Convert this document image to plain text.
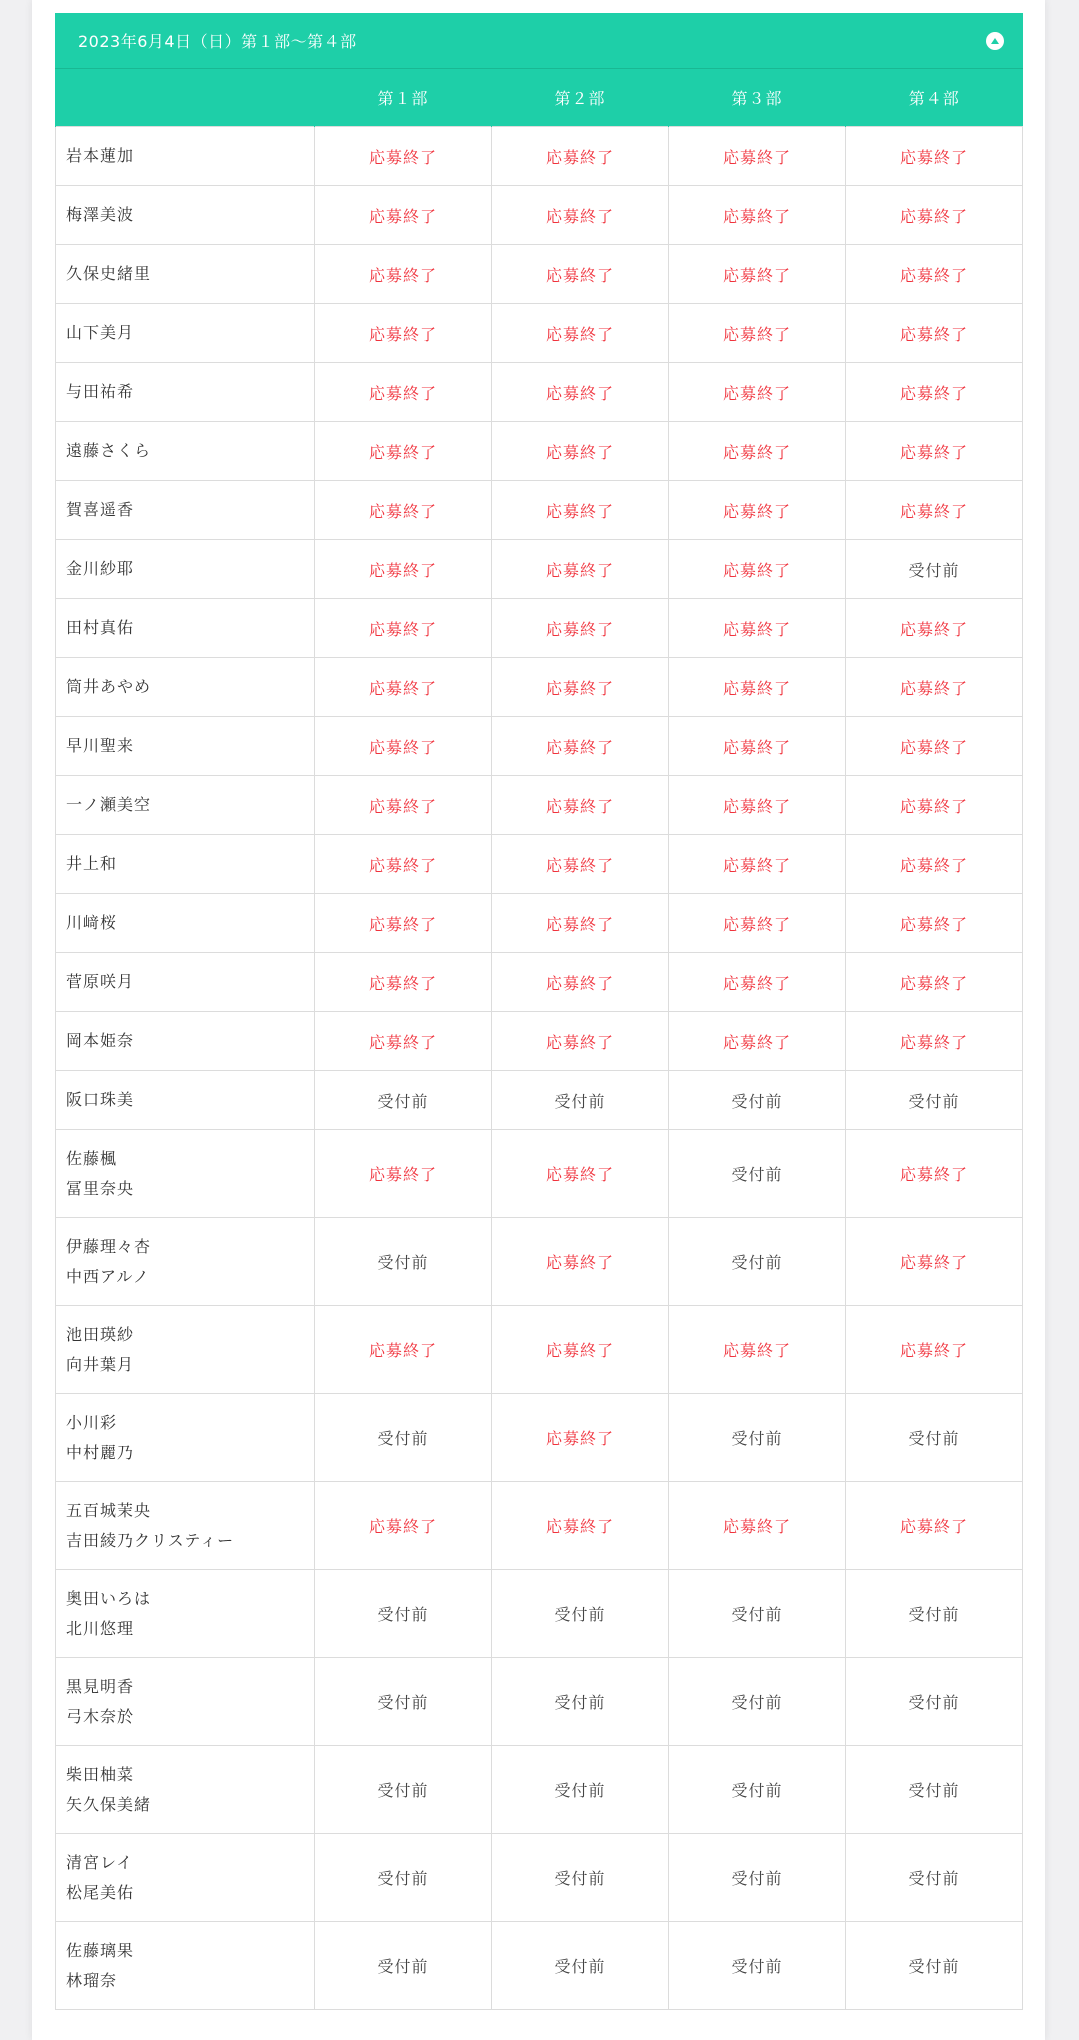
2023年6月4日（日）第１部〜第４部
	第１部	第２部	第３部	第４部

岩本蓮加	応募終了	応募終了	応募終了	応募終了

梅澤美波	応募終了	応募終了	応募終了	応募終了

久保史緒里	応募終了	応募終了	応募終了	応募終了

山下美月	応募終了	応募終了	応募終了	応募終了

与田祐希	応募終了	応募終了	応募終了	応募終了

遠藤さくら	応募終了	応募終了	応募終了	応募終了

賀喜遥香	応募終了	応募終了	応募終了	応募終了

金川紗耶	応募終了	応募終了	応募終了	受付前

田村真佑	応募終了	応募終了	応募終了	応募終了

筒井あやめ	応募終了	応募終了	応募終了	応募終了

早川聖来	応募終了	応募終了	応募終了	応募終了

一ノ瀬美空	応募終了	応募終了	応募終了	応募終了

井上和	応募終了	応募終了	応募終了	応募終了

川﨑桜	応募終了	応募終了	応募終了	応募終了

菅原咲月	応募終了	応募終了	応募終了	応募終了

岡本姫奈	応募終了	応募終了	応募終了	応募終了

阪口珠美	受付前	受付前	受付前	受付前

佐藤楓
冨里奈央	応募終了	応募終了	受付前	応募終了

伊藤理々杏
中西アルノ	受付前	応募終了	受付前	応募終了

池田瑛紗
向井葉月	応募終了	応募終了	応募終了	応募終了

小川彩
中村麗乃	受付前	応募終了	受付前	受付前

五百城茉央
吉田綾乃クリスティー	応募終了	応募終了	応募終了	応募終了

奥田いろは
北川悠理	受付前	受付前	受付前	受付前

黒見明香
弓木奈於	受付前	受付前	受付前	受付前

柴田柚菜
矢久保美緒	受付前	受付前	受付前	受付前

清宮レイ
松尾美佑	受付前	受付前	受付前	受付前

佐藤璃果
林瑠奈	受付前	受付前	受付前	受付前
